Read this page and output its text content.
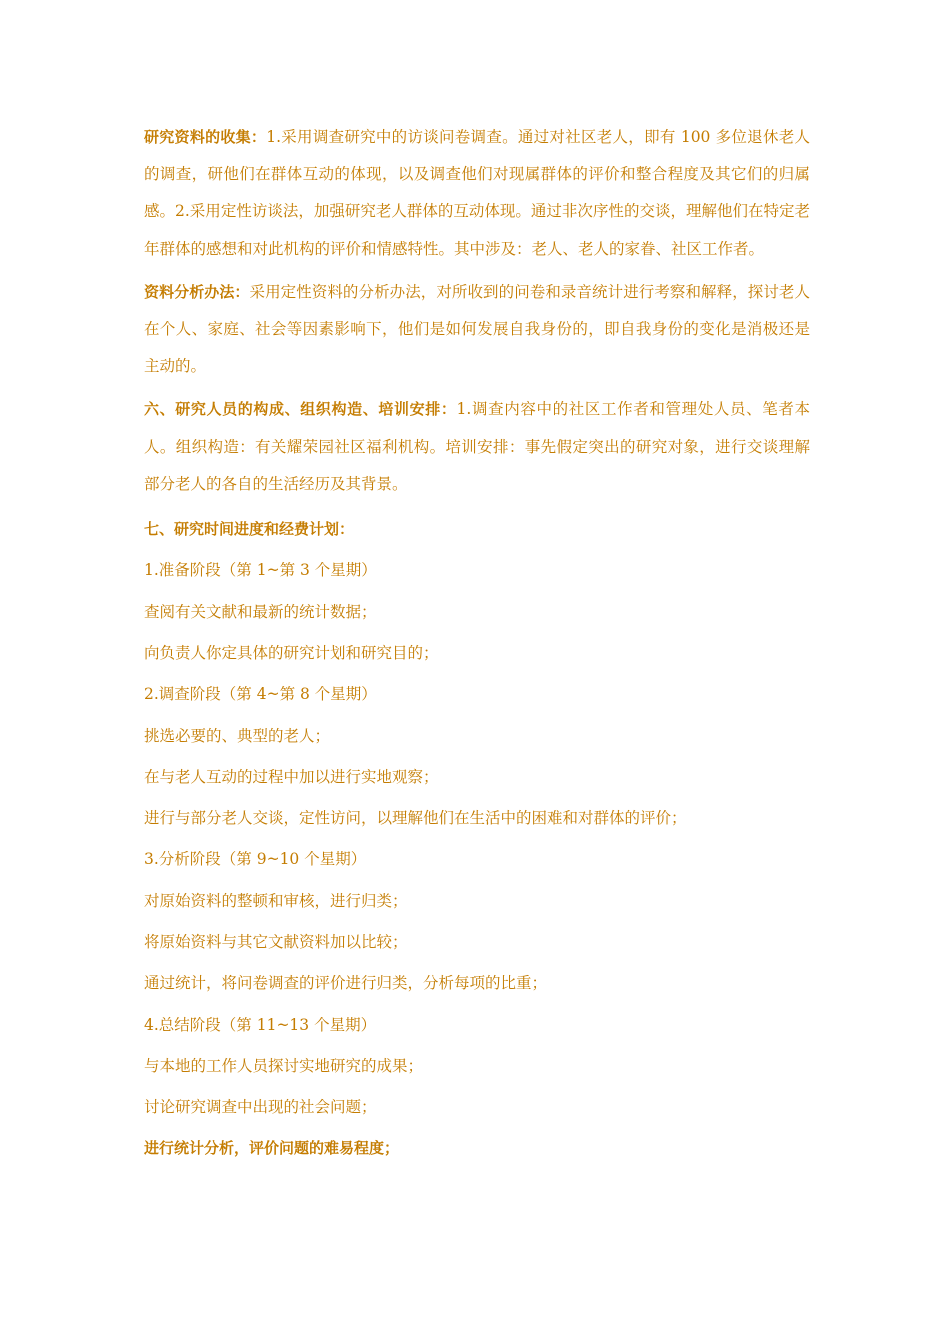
研究资料的收集：1.采用调查研究中的访谈问卷调查。通过对社区老人，即有 100 多位退休老人的调查，研他们在群体互动的体现，以及调查他们对现属群体的评价和整合程度及其它们的归属感。2.采用定性访谈法，加强研究老人群体的互动体现。通过非次序性的交谈，理解他们在特定老年群体的感想和对此机构的评价和情感特性。其中涉及：老人、老人的家眷、社区工作者。

资料分析办法：采用定性资料的分析办法，对所收到的问卷和录音统计进行考察和解释，探讨老人在个人、家庭、社会等因素影响下，他们是如何发展自我身份的，即自我身份的变化是消极还是主动的。

六、研究人员的构成、组织构造、培训安排：1.调查内容中的社区工作者和管理处人员、笔者本人。组织构造：有关耀荣园社区福利机构。培训安排：事先假定突出的研究对象，进行交谈理解部分老人的各自的生活经历及其背景。

七、研究时间进度和经费计划：

1.准备阶段（第 1~第 3 个星期）

查阅有关文献和最新的统计数据；

向负责人你定具体的研究计划和研究目的；

2.调查阶段（第 4~第 8 个星期）

挑选必要的、典型的老人；

在与老人互动的过程中加以进行实地观察；

进行与部分老人交谈，定性访问，以理解他们在生活中的困难和对群体的评价；

3.分析阶段（第 9~10 个星期）

对原始资料的整顿和审核，进行归类；

将原始资料与其它文献资料加以比较；

通过统计，将问卷调查的评价进行归类，分析每项的比重；

4.总结阶段（第 11~13 个星期）

与本地的工作人员探讨实地研究的成果；

讨论研究调查中出现的社会问题；

进行统计分析，评价问题的难易程度；
